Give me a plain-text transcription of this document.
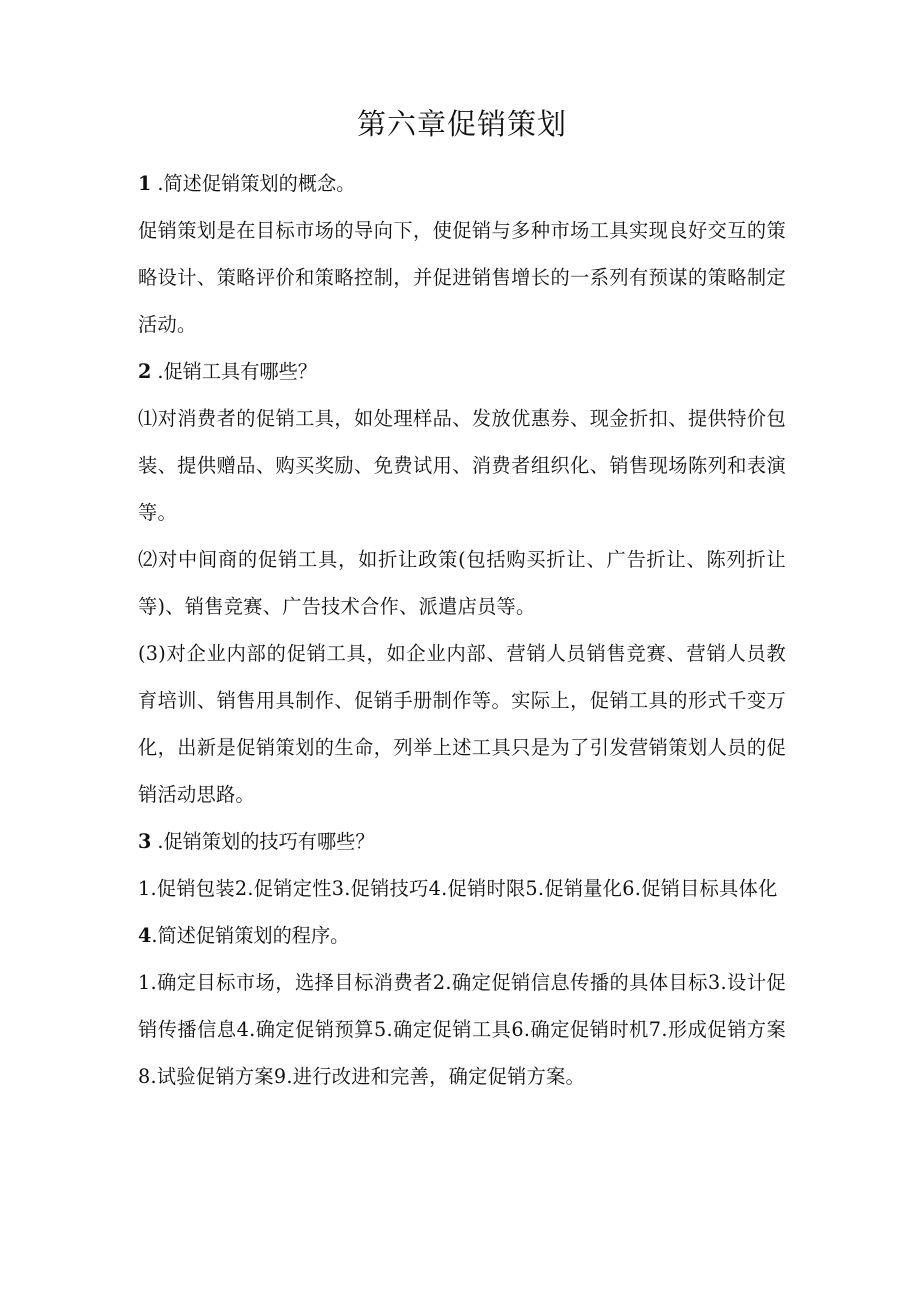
第六章促销策划

1 .简述促销策划的概念。

促销策划是在目标市场的导向下，使促销与多种市场工具实现良好交互的策略设计、策略评价和策略控制，并促进销售增长的一系列有预谋的策略制定活动。

2 .促销工具有哪些？

⑴对消费者的促销工具，如处理样品、发放优惠券、现金折扣、提供特价包装、提供赠品、购买奖励、免费试用、消费者组织化、销售现场陈列和表演等。

⑵对中间商的促销工具，如折让政策(包括购买折让、广告折让、陈列折让等)、销售竞赛、广告技术合作、派遣店员等。

(3)对企业内部的促销工具，如企业内部、营销人员销售竞赛、营销人员教育培训、销售用具制作、促销手册制作等。实际上，促销工具的形式千变万化，出新是促销策划的生命，列举上述工具只是为了引发营销策划人员的促销活动思路。

3 .促销策划的技巧有哪些？

1.促销包装2.促销定性3.促销技巧4.促销时限5.促销量化6.促销目标具体化

4.简述促销策划的程序。

1.确定目标市场，选择目标消费者2.确定促销信息传播的具体目标3.设计促销传播信息4.确定促销预算5.确定促销工具6.确定促销时机7.形成促销方案8.试验促销方案9.进行改进和完善，确定促销方案。
